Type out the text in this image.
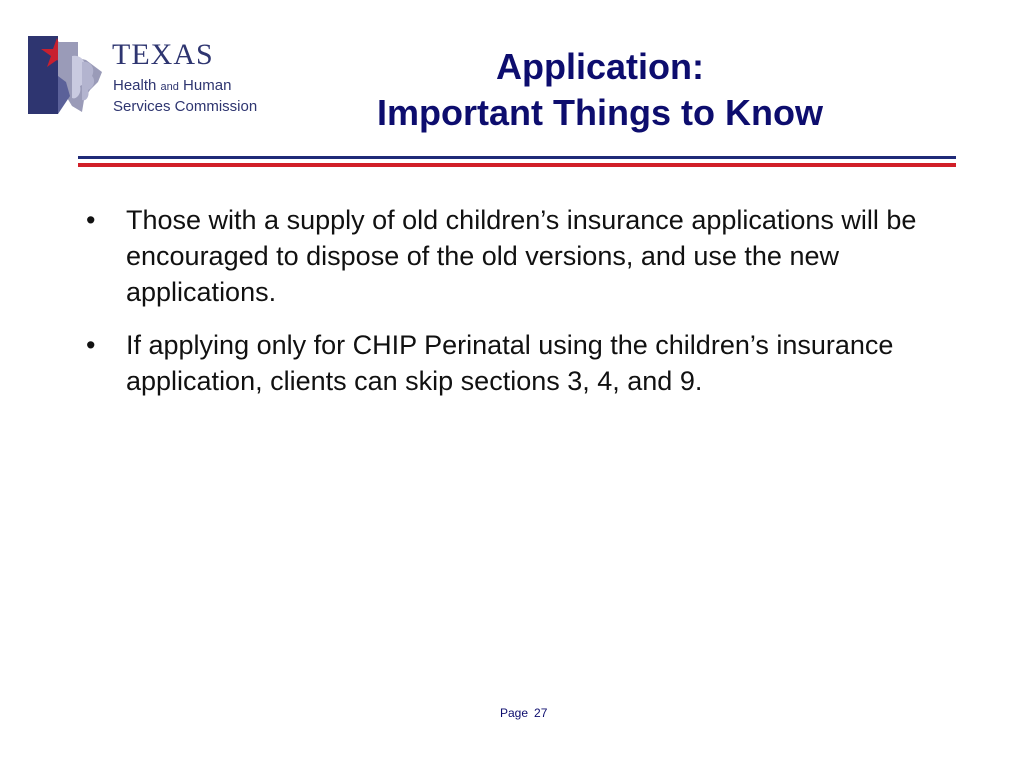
TEXAS
Health and Human
Services Commission
Application:
Important Things to Know

• Those with a supply of old children’s insurance applications will be encouraged to dispose of the old versions, and use the new applications.

• If applying only for CHIP Perinatal using the children’s insurance application, clients can skip sections 3, 4, and 9.

Page 27
